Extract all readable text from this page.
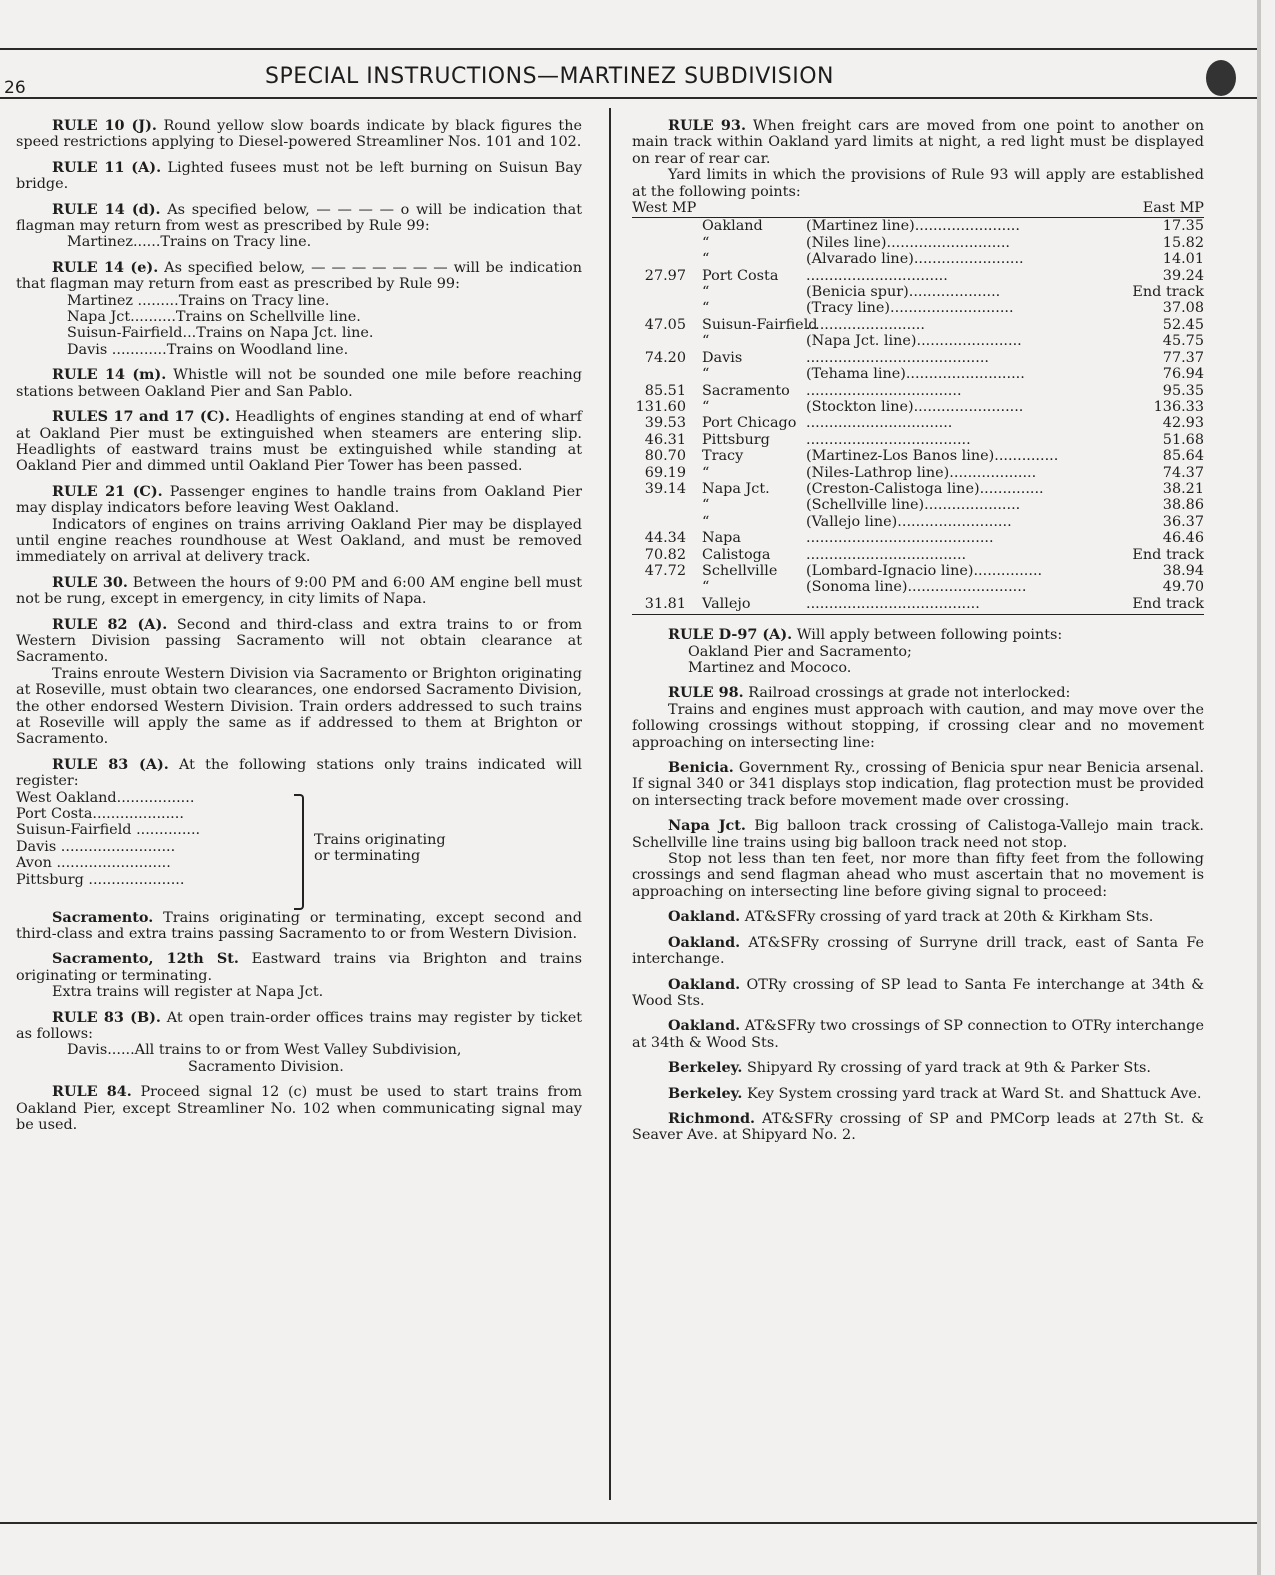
26	SPECIAL INSTRUCTIONS—MARTINEZ SUBDIVISION

RULE 10 (J). Round yellow slow boards indicate by black figures the speed restrictions applying to Diesel-powered Streamliner Nos. 101 and 102.

RULE 11 (A). Lighted fusees must not be left burning on Suisun Bay bridge.

RULE 14 (d). As specified below, — — — — o will be indication that flagman may return from west as prescribed by Rule 99:

Martinez......Trains on Tracy line.

RULE 14 (e). As specified below, — — — — — — — will be indication that flagman may return from east as prescribed by Rule 99:

Martinez .........Trains on Tracy line.
Napa Jct..........Trains on Schellville line.
Suisun-Fairfield...Trains on Napa Jct. line.
Davis ............Trains on Woodland line.

RULE 14 (m). Whistle will not be sounded one mile before reaching stations between Oakland Pier and San Pablo.

RULES 17 and 17 (C). Headlights of engines standing at end of wharf at Oakland Pier must be extinguished when steamers are entering slip. Headlights of eastward trains must be extinguished while standing at Oakland Pier and dimmed until Oakland Pier Tower has been passed.

RULE 21 (C). Passenger engines to handle trains from Oakland Pier may display indicators before leaving West Oakland.

Indicators of engines on trains arriving Oakland Pier may be displayed until engine reaches roundhouse at West Oakland, and must be removed immediately on arrival at delivery track.

RULE 30. Between the hours of 9:00 PM and 6:00 AM engine bell must not be rung, except in emergency, in city limits of Napa.

RULE 82 (A). Second and third-class and extra trains to or from Western Division passing Sacramento will not obtain clearance at Sacramento.

Trains enroute Western Division via Sacramento or Brighton originating at Roseville, must obtain two clearances, one endorsed Sacramento Division, the other endorsed Western Division. Train orders addressed to such trains at Roseville will apply the same as if addressed to them at Brighton or Sacramento.

RULE 83 (A). At the following stations only trains indicated will register:

West Oakland.................
Port Costa....................
Suisun-Fairfield ..............
Davis .........................
Avon .........................
Pittsburg .....................
Trains originating
or terminating

Sacramento. Trains originating or terminating, except second and third-class and extra trains passing Sacramento to or from Western Division.

Sacramento, 12th St. Eastward trains via Brighton and trains originating or terminating.

Extra trains will register at Napa Jct.

RULE 83 (B). At open train-order offices trains may register by ticket as follows:

Davis......All trains to or from West Valley Subdivision,
Sacramento Division.

RULE 84. Proceed signal 12 (c) must be used to start trains from Oakland Pier, except Streamliner No. 102 when communicating signal may be used.

RULE 93. When freight cars are moved from one point to another on main track within Oakland yard limits at night, a red light must be displayed on rear of rear car.

Yard limits in which the provisions of Rule 93 will apply are established at the following points:

West MP	East MP
	Oakland	(Martinez line).......................	17.35
	“	(Niles line)...........................	15.82
	“	(Alvarado line)........................	14.01
27.97	Port Costa	...............................	39.24
	“	(Benicia spur)....................	End track
	“	(Tracy line)...........................	37.08
47.05	Suisun-Fairfield	..........................	52.45
	“	(Napa Jct. line).......................	45.75
74.20	Davis	........................................	77.37
	“	(Tehama line)..........................	76.94
85.51	Sacramento	..................................	95.35
131.60	“	(Stockton line)........................	136.33
39.53	Port Chicago	................................	42.93
46.31	Pittsburg	....................................	51.68
80.70	Tracy	(Martinez-Los Banos line)..............	85.64
69.19	“	(Niles-Lathrop line)...................	74.37
39.14	Napa Jct.	(Creston-Calistoga line)..............	38.21
	“	(Schellville line).....................	38.86
	“	(Vallejo line).........................	36.37
44.34	Napa	.........................................	46.46
70.82	Calistoga	...................................	End track
47.72	Schellville	(Lombard-Ignacio line)...............	38.94
	“	(Sonoma line)..........................	49.70
31.81	Vallejo	......................................	End track

RULE D-97 (A). Will apply between following points:

Oakland Pier and Sacramento;
Martinez and Mococo.

RULE 98. Railroad crossings at grade not interlocked:

Trains and engines must approach with caution, and may move over the following crossings without stopping, if crossing clear and no movement approaching on intersecting line:

Benicia. Government Ry., crossing of Benicia spur near Benicia arsenal. If signal 340 or 341 displays stop indication, flag protection must be provided on intersecting track before movement made over crossing.

Napa Jct. Big balloon track crossing of Calistoga-Vallejo main track. Schellville line trains using big balloon track need not stop.

Stop not less than ten feet, nor more than fifty feet from the following crossings and send flagman ahead who must ascertain that no movement is approaching on intersecting line before giving signal to proceed:

Oakland. AT&SFRy crossing of yard track at 20th & Kirkham Sts.

Oakland. AT&SFRy crossing of Surryne drill track, east of Santa Fe interchange.

Oakland. OTRy crossing of SP lead to Santa Fe interchange at 34th & Wood Sts.

Oakland. AT&SFRy two crossings of SP connection to OTRy interchange at 34th & Wood Sts.

Berkeley. Shipyard Ry crossing of yard track at 9th & Parker Sts.

Berkeley. Key System crossing yard track at Ward St. and Shattuck Ave.

Richmond. AT&SFRy crossing of SP and PMCorp leads at 27th St. & Seaver Ave. at Shipyard No. 2.
